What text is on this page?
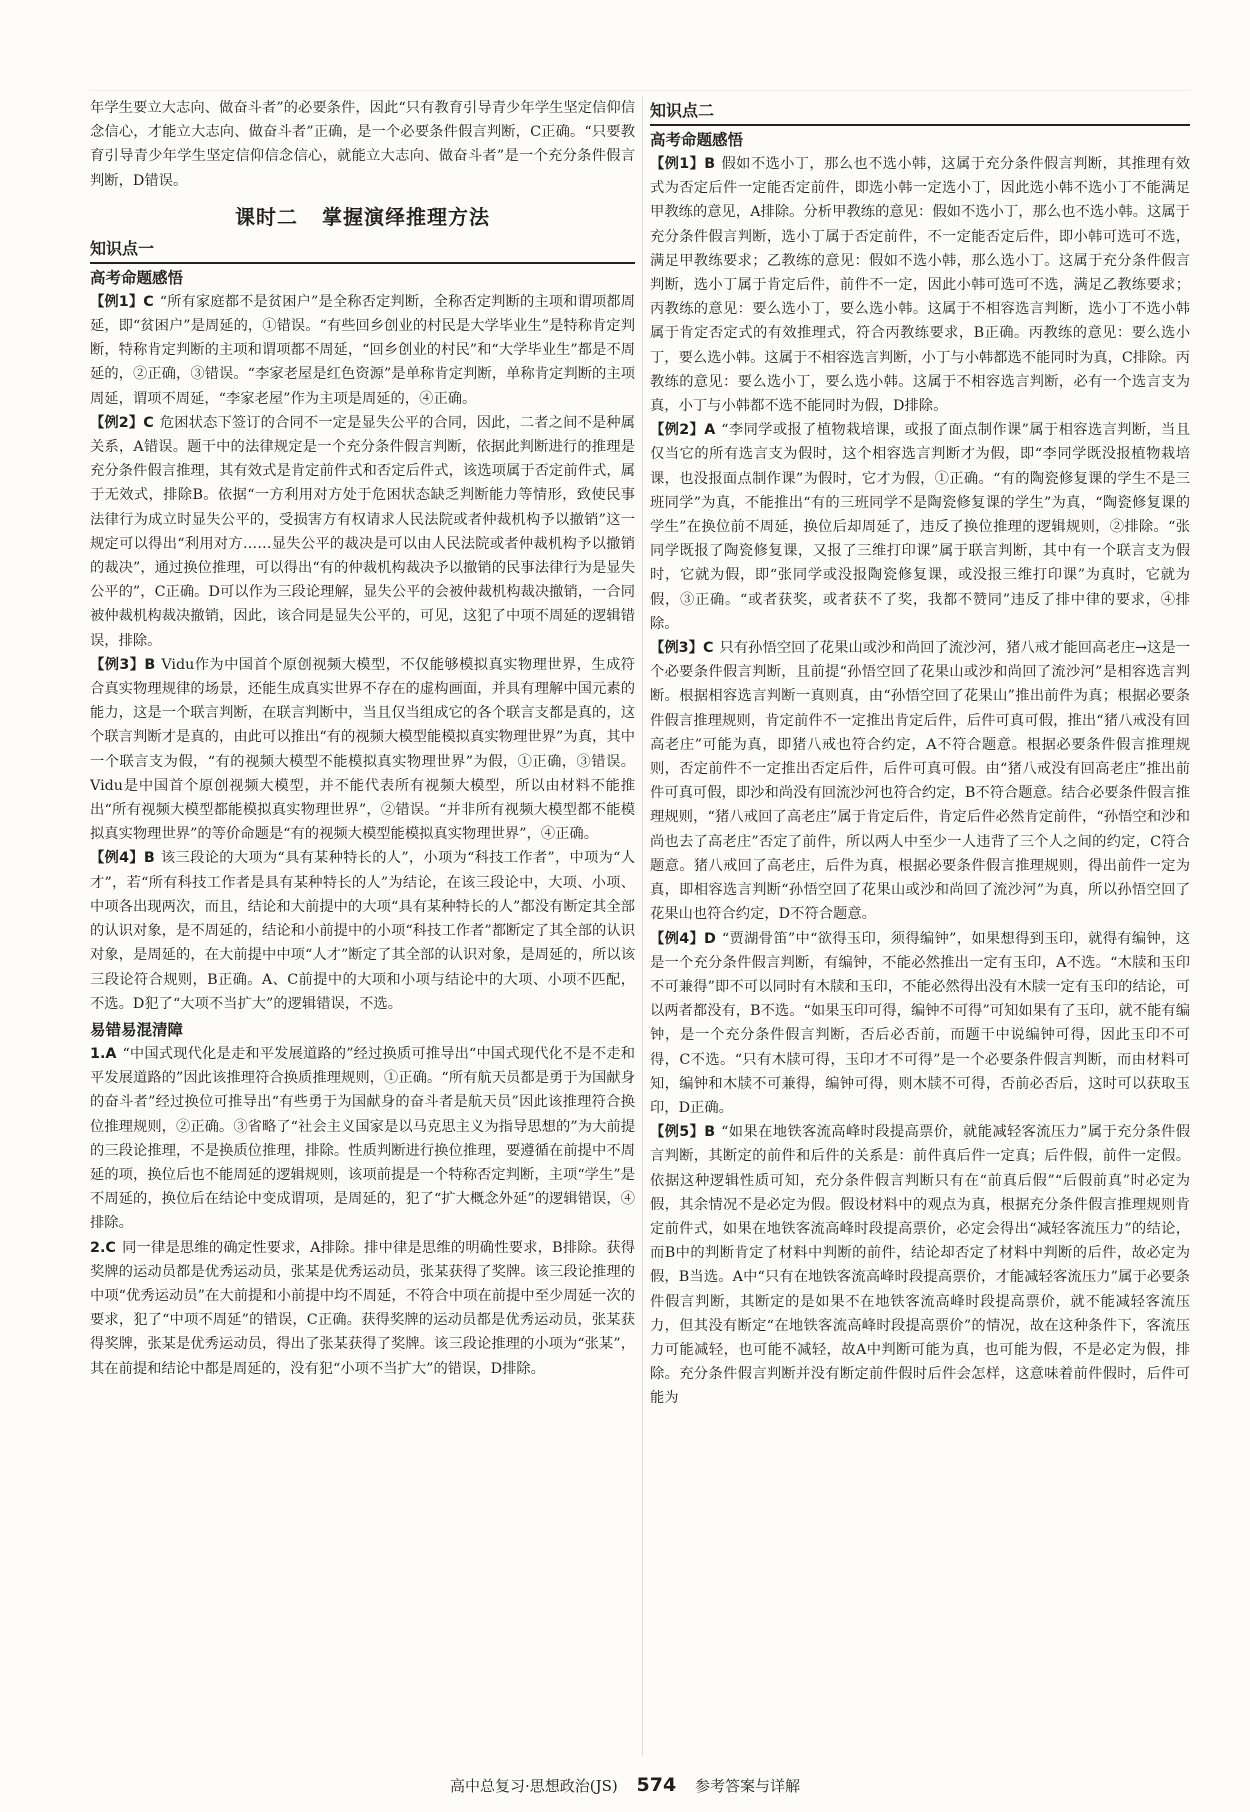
年学生要立大志向、做奋斗者”的必要条件，因此“只有教育引导青少年学生坚定信仰信念信心，才能立大志向、做奋斗者”正确，是一个必要条件假言判断，C正确。“只要教育引导青少年学生坚定信仰信念信心，就能立大志向、做奋斗者”是一个充分条件假言判断，D错误。

课时二 掌握演绎推理方法
知识点一
高考命题感悟

【例1】C “所有家庭都不是贫困户”是全称否定判断，全称否定判断的主项和谓项都周延，即“贫困户”是周延的，①错误。“有些回乡创业的村民是大学毕业生”是特称肯定判断，特称肯定判断的主项和谓项都不周延，“回乡创业的村民”和“大学毕业生”都是不周延的，②正确，③错误。“李家老屋是红色资源”是单称肯定判断，单称肯定判断的主项周延，谓项不周延，“李家老屋”作为主项是周延的，④正确。

【例2】C 危困状态下签订的合同不一定是显失公平的合同，因此，二者之间不是种属关系，A错误。题干中的法律规定是一个充分条件假言判断，依据此判断进行的推理是充分条件假言推理，其有效式是肯定前件式和否定后件式，该选项属于否定前件式，属于无效式，排除B。依据“一方利用对方处于危困状态缺乏判断能力等情形，致使民事法律行为成立时显失公平的，受损害方有权请求人民法院或者仲裁机构予以撤销”这一规定可以得出“利用对方……显失公平的裁决是可以由人民法院或者仲裁机构予以撤销的裁决”，通过换位推理，可以得出“有的仲裁机构裁决予以撤销的民事法律行为是显失公平的”，C正确。D可以作为三段论理解，显失公平的会被仲裁机构裁决撤销，一合同被仲裁机构裁决撤销，因此，该合同是显失公平的，可见，这犯了中项不周延的逻辑错误，排除。

【例3】B Vidu作为中国首个原创视频大模型，不仅能够模拟真实物理世界，生成符合真实物理规律的场景，还能生成真实世界不存在的虚构画面，并具有理解中国元素的能力，这是一个联言判断，在联言判断中，当且仅当组成它的各个联言支都是真的，这个联言判断才是真的，由此可以推出“有的视频大模型能模拟真实物理世界”为真，其中一个联言支为假，“有的视频大模型不能模拟真实物理世界”为假，①正确，③错误。Vidu是中国首个原创视频大模型，并不能代表所有视频大模型，所以由材料不能推出“所有视频大模型都能模拟真实物理世界”，②错误。“并非所有视频大模型都不能模拟真实物理世界”的等价命题是“有的视频大模型能模拟真实物理世界”，④正确。

【例4】B 该三段论的大项为“具有某种特长的人”，小项为“科技工作者”，中项为“人才”，若“所有科技工作者是具有某种特长的人”为结论，在该三段论中，大项、小项、中项各出现两次，而且，结论和大前提中的大项“具有某种特长的人”都没有断定其全部的认识对象，是不周延的，结论和小前提中的小项“科技工作者”都断定了其全部的认识对象，是周延的，在大前提中中项“人才”断定了其全部的认识对象，是周延的，所以该三段论符合规则，B正确。A、C前提中的大项和小项与结论中的大项、小项不匹配，不选。D犯了“大项不当扩大”的逻辑错误，不选。

易错易混清障

1.A “中国式现代化是走和平发展道路的”经过换质可推导出“中国式现代化不是不走和平发展道路的”因此该推理符合换质推理规则，①正确。“所有航天员都是勇于为国献身的奋斗者”经过换位可推导出“有些勇于为国献身的奋斗者是航天员”因此该推理符合换位推理规则，②正确。③省略了“社会主义国家是以马克思主义为指导思想的”为大前提的三段论推理，不是换质位推理，排除。性质判断进行换位推理，要遵循在前提中不周延的项，换位后也不能周延的逻辑规则，该项前提是一个特称否定判断，主项“学生”是不周延的，换位后在结论中变成谓项，是周延的，犯了“扩大概念外延”的逻辑错误，④排除。

2.C 同一律是思维的确定性要求，A排除。排中律是思维的明确性要求，B排除。获得奖牌的运动员都是优秀运动员，张某是优秀运动员，张某获得了奖牌。该三段论推理的中项“优秀运动员”在大前提和小前提中均不周延，不符合中项在前提中至少周延一次的要求，犯了“中项不周延”的错误，C正确。获得奖牌的运动员都是优秀运动员，张某获得奖牌，张某是优秀运动员，得出了张某获得了奖牌。该三段论推理的小项为“张某”，其在前提和结论中都是周延的，没有犯“小项不当扩大”的错误，D排除。

知识点二
高考命题感悟

【例1】B 假如不选小丁，那么也不选小韩，这属于充分条件假言判断，其推理有效式为否定后件一定能否定前件，即选小韩一定选小丁，因此选小韩不选小丁不能满足甲教练的意见，A排除。分析甲教练的意见：假如不选小丁，那么也不选小韩。这属于充分条件假言判断，选小丁属于否定前件，不一定能否定后件，即小韩可选可不选，满足甲教练要求；乙教练的意见：假如不选小韩，那么选小丁。这属于充分条件假言判断，选小丁属于肯定后件，前件不一定，因此小韩可选可不选，满足乙教练要求；丙教练的意见：要么选小丁，要么选小韩。这属于不相容选言判断，选小丁不选小韩属于肯定否定式的有效推理式，符合丙教练要求，B正确。丙教练的意见：要么选小丁，要么选小韩。这属于不相容选言判断，小丁与小韩都选不能同时为真，C排除。丙教练的意见：要么选小丁，要么选小韩。这属于不相容选言判断，必有一个选言支为真，小丁与小韩都不选不能同时为假，D排除。

【例2】A “李同学或报了植物栽培课，或报了面点制作课”属于相容选言判断，当且仅当它的所有选言支为假时，这个相容选言判断才为假，即“李同学既没报植物栽培课，也没报面点制作课”为假时，它才为假，①正确。“有的陶瓷修复课的学生不是三班同学”为真，不能推出“有的三班同学不是陶瓷修复课的学生”为真，“陶瓷修复课的学生”在换位前不周延，换位后却周延了，违反了换位推理的逻辑规则，②排除。“张同学既报了陶瓷修复课，又报了三维打印课”属于联言判断，其中有一个联言支为假时，它就为假，即“张同学或没报陶瓷修复课，或没报三维打印课”为真时，它就为假，③正确。“或者获奖，或者获不了奖，我都不赞同”违反了排中律的要求，④排除。

【例3】C 只有孙悟空回了花果山或沙和尚回了流沙河，猪八戒才能回高老庄→这是一个必要条件假言判断，且前提“孙悟空回了花果山或沙和尚回了流沙河”是相容选言判断。根据相容选言判断一真则真，由“孙悟空回了花果山”推出前件为真；根据必要条件假言推理规则，肯定前件不一定推出肯定后件，后件可真可假，推出“猪八戒没有回高老庄”可能为真，即猪八戒也符合约定，A不符合题意。根据必要条件假言推理规则，否定前件不一定推出否定后件，后件可真可假。由“猪八戒没有回高老庄”推出前件可真可假，即沙和尚没有回流沙河也符合约定，B不符合题意。结合必要条件假言推理规则，“猪八戒回了高老庄”属于肯定后件，肯定后件必然肯定前件，“孙悟空和沙和尚也去了高老庄”否定了前件，所以两人中至少一人违背了三个人之间的约定，C符合题意。猪八戒回了高老庄，后件为真，根据必要条件假言推理规则，得出前件一定为真，即相容选言判断“孙悟空回了花果山或沙和尚回了流沙河”为真，所以孙悟空回了花果山也符合约定，D不符合题意。

【例4】D “贾湖骨笛”中“欲得玉印，须得编钟”，如果想得到玉印，就得有编钟，这是一个充分条件假言判断，有编钟，不能必然推出一定有玉印，A不选。“木牍和玉印不可兼得”即不可以同时有木牍和玉印，不能必然得出没有木牍一定有玉印的结论，可以两者都没有，B不选。“如果玉印可得，编钟不可得”可知如果有了玉印，就不能有编钟，是一个充分条件假言判断，否后必否前，而题干中说编钟可得，因此玉印不可得，C不选。“只有木牍可得，玉印才不可得”是一个必要条件假言判断，而由材料可知，编钟和木牍不可兼得，编钟可得，则木牍不可得，否前必否后，这时可以获取玉印，D正确。

【例5】B “如果在地铁客流高峰时段提高票价，就能减轻客流压力”属于充分条件假言判断，其断定的前件和后件的关系是：前件真后件一定真；后件假，前件一定假。依据这种逻辑性质可知，充分条件假言判断只有在“前真后假”“后假前真”时必定为假，其余情况不是必定为假。假设材料中的观点为真，根据充分条件假言推理规则肯定前件式，如果在地铁客流高峰时段提高票价，必定会得出“减轻客流压力”的结论，而B中的判断肯定了材料中判断的前件，结论却否定了材料中判断的后件，故必定为假，B当选。A中“只有在地铁客流高峰时段提高票价，才能减轻客流压力”属于必要条件假言判断，其断定的是如果不在地铁客流高峰时段提高票价，就不能减轻客流压力，但其没有断定“在地铁客流高峰时段提高票价”的情况，故在这种条件下，客流压力可能减轻，也可能不减轻，故A中判断可能为真，也可能为假，不是必定为假，排除。充分条件假言判断并没有断定前件假时后件会怎样，这意味着前件假时，后件可能为

高中总复习·思想政治(JS) 574 参考答案与详解
